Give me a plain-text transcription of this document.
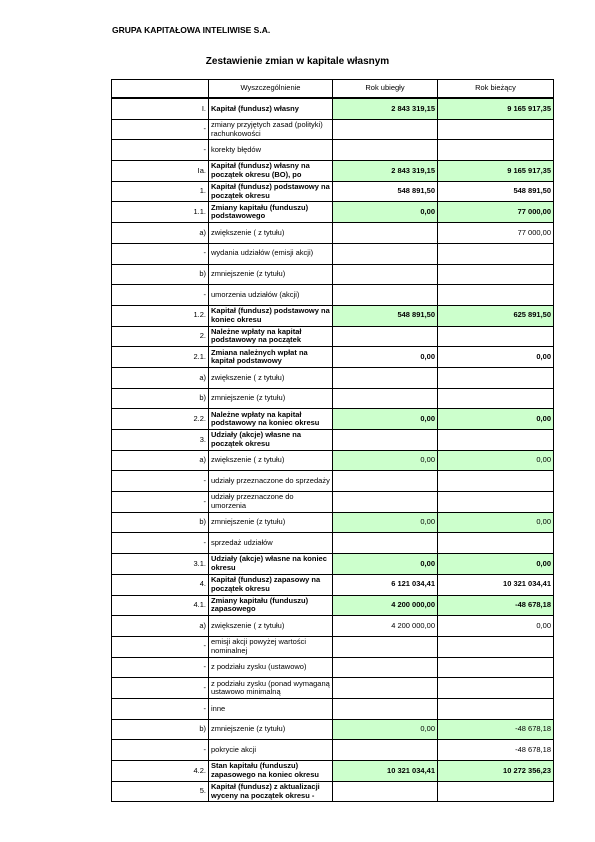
GRUPA KAPITAŁOWA INTELIWISE S.A.
Zestawienie zmian w kapitale własnym
	Wyszczególnienie	Rok ubiegły	Rok bieżący
I.	Kapitał (fundusz) własny	2 843 319,15	9 165 917,35
-	zmiany przyjętych zasad (polityki) rachunkowości		
-	korekty błędów		
Ia.	Kapitał (fundusz) własny na początek okresu (BO), po	2 843 319,15	9 165 917,35
1.	Kapitał (fundusz) podstawowy na początek okresu	548 891,50	548 891,50
1.1.	Zmiany kapitału (funduszu) podstawowego	0,00	77 000,00
a)	zwiększenie ( z tytułu)		77 000,00
-	wydania udziałów (emisji akcji)		
b)	zmniejszenie (z tytułu)		
-	umorzenia udziałów (akcji)		
1.2.	Kapitał (fundusz) podstawowy na koniec okresu	548 891,50	625 891,50
2.	Należne wpłaty na kapitał podstawowy na początek		
2.1.	Zmiana należnych wpłat na kapitał podstawowy	0,00	0,00
a)	zwiększenie ( z tytułu)		
b)	zmniejszenie (z tytułu)		
2.2.	Należne wpłaty na kapitał podstawowy na koniec okresu	0,00	0,00
3.	Udziały (akcje) własne na początek okresu		
a)	zwiększenie ( z tytułu)	0,00	0,00
-	udziały przeznaczone do sprzedaży		
-	udziały przeznaczone do umorzenia		
b)	zmniejszenie (z tytułu)	0,00	0,00
-	sprzedaż udziałów		
3.1.	Udziały (akcje) własne na koniec okresu	0,00	0,00
4.	Kapitał (fundusz) zapasowy na początek okresu	6 121 034,41	10 321 034,41
4.1.	Zmiany kapitału (funduszu) zapasowego	4 200 000,00	-48 678,18
a)	zwiększenie ( z tytułu)	4 200 000,00	0,00
-	emisji akcji powyżej wartości nominalnej		
-	z podziału zysku (ustawowo)		
-	z podziału zysku (ponad wymaganą ustawowo minimalną		
-	inne		
b)	zmniejszenie (z tytułu)	0,00	-48 678,18
-	pokrycie akcji		-48 678,18
4.2.	Stan kapitału (funduszu) zapasowego na koniec okresu	10 321 034,41	10 272 356,23
5.	Kapitał (fundusz) z aktualizacji wyceny na początek okresu -		
